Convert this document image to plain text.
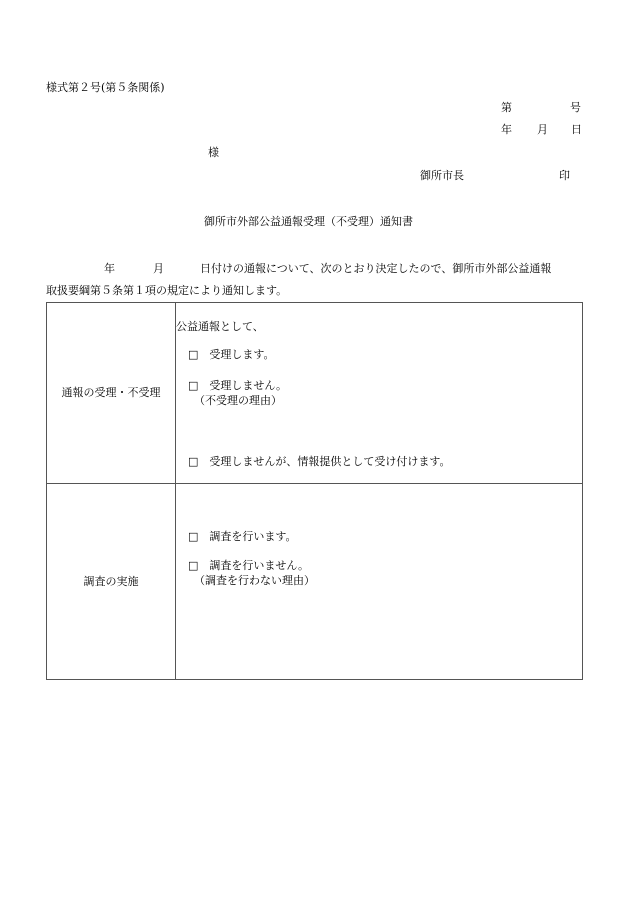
様式第２号(第５条関係)
第	号
年 月 日
様
御所市長	印
御所市外部公益通報受理（不受理）通知書
年	月	日付けの通報について、次のとおり決定したので、御所市外部公益通報
取扱要綱第５条第１項の規定により通知します。
通報の受理・不受理
公益通報として、
□　受理します。
□　受理しません。
（不受理の理由）
□　受理しませんが、情報提供として受け付けます。
調査の実施
□　調査を行います。
□　調査を行いません。
（調査を行わない理由）
